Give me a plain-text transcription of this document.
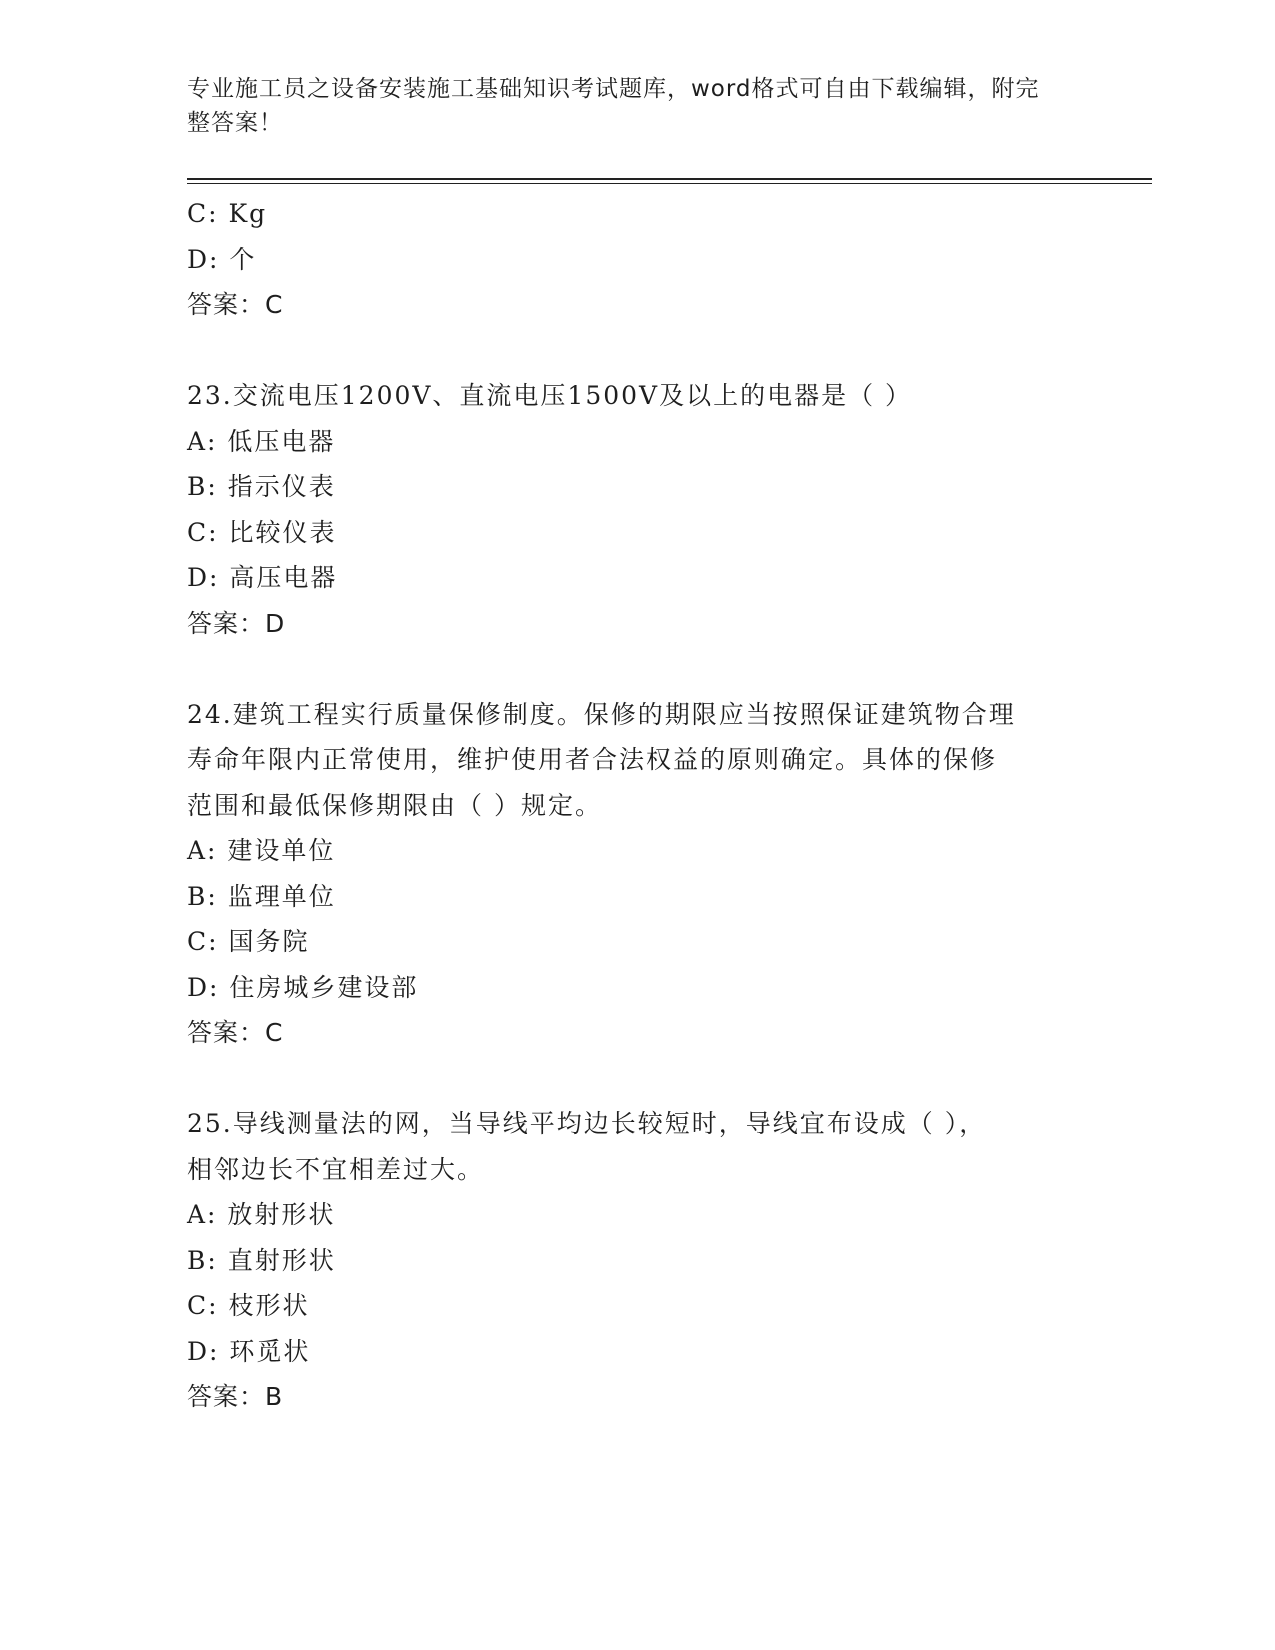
专业施工员之设备安装施工基础知识考试题库，word格式可自由下载编辑，附完
整答案！
C: Kg
D: 个
答案：C
23.交流电压1200V、直流电压1500V及以上的电器是（ ）
A: 低压电器
B: 指示仪表
C: 比较仪表
D: 高压电器
答案：D
24.建筑工程实行质量保修制度。保修的期限应当按照保证建筑物合理
寿命年限内正常使用，维护使用者合法权益的原则确定。具体的保修
范围和最低保修期限由（ ）规定。
A: 建设单位
B: 监理单位
C: 国务院
D: 住房城乡建设部
答案：C
25.导线测量法的网，当导线平均边长较短时，导线宜布设成（ ），
相邻边长不宜相差过大。
A: 放射形状
B: 直射形状
C: 枝形状
D: 环觅状
答案：B
